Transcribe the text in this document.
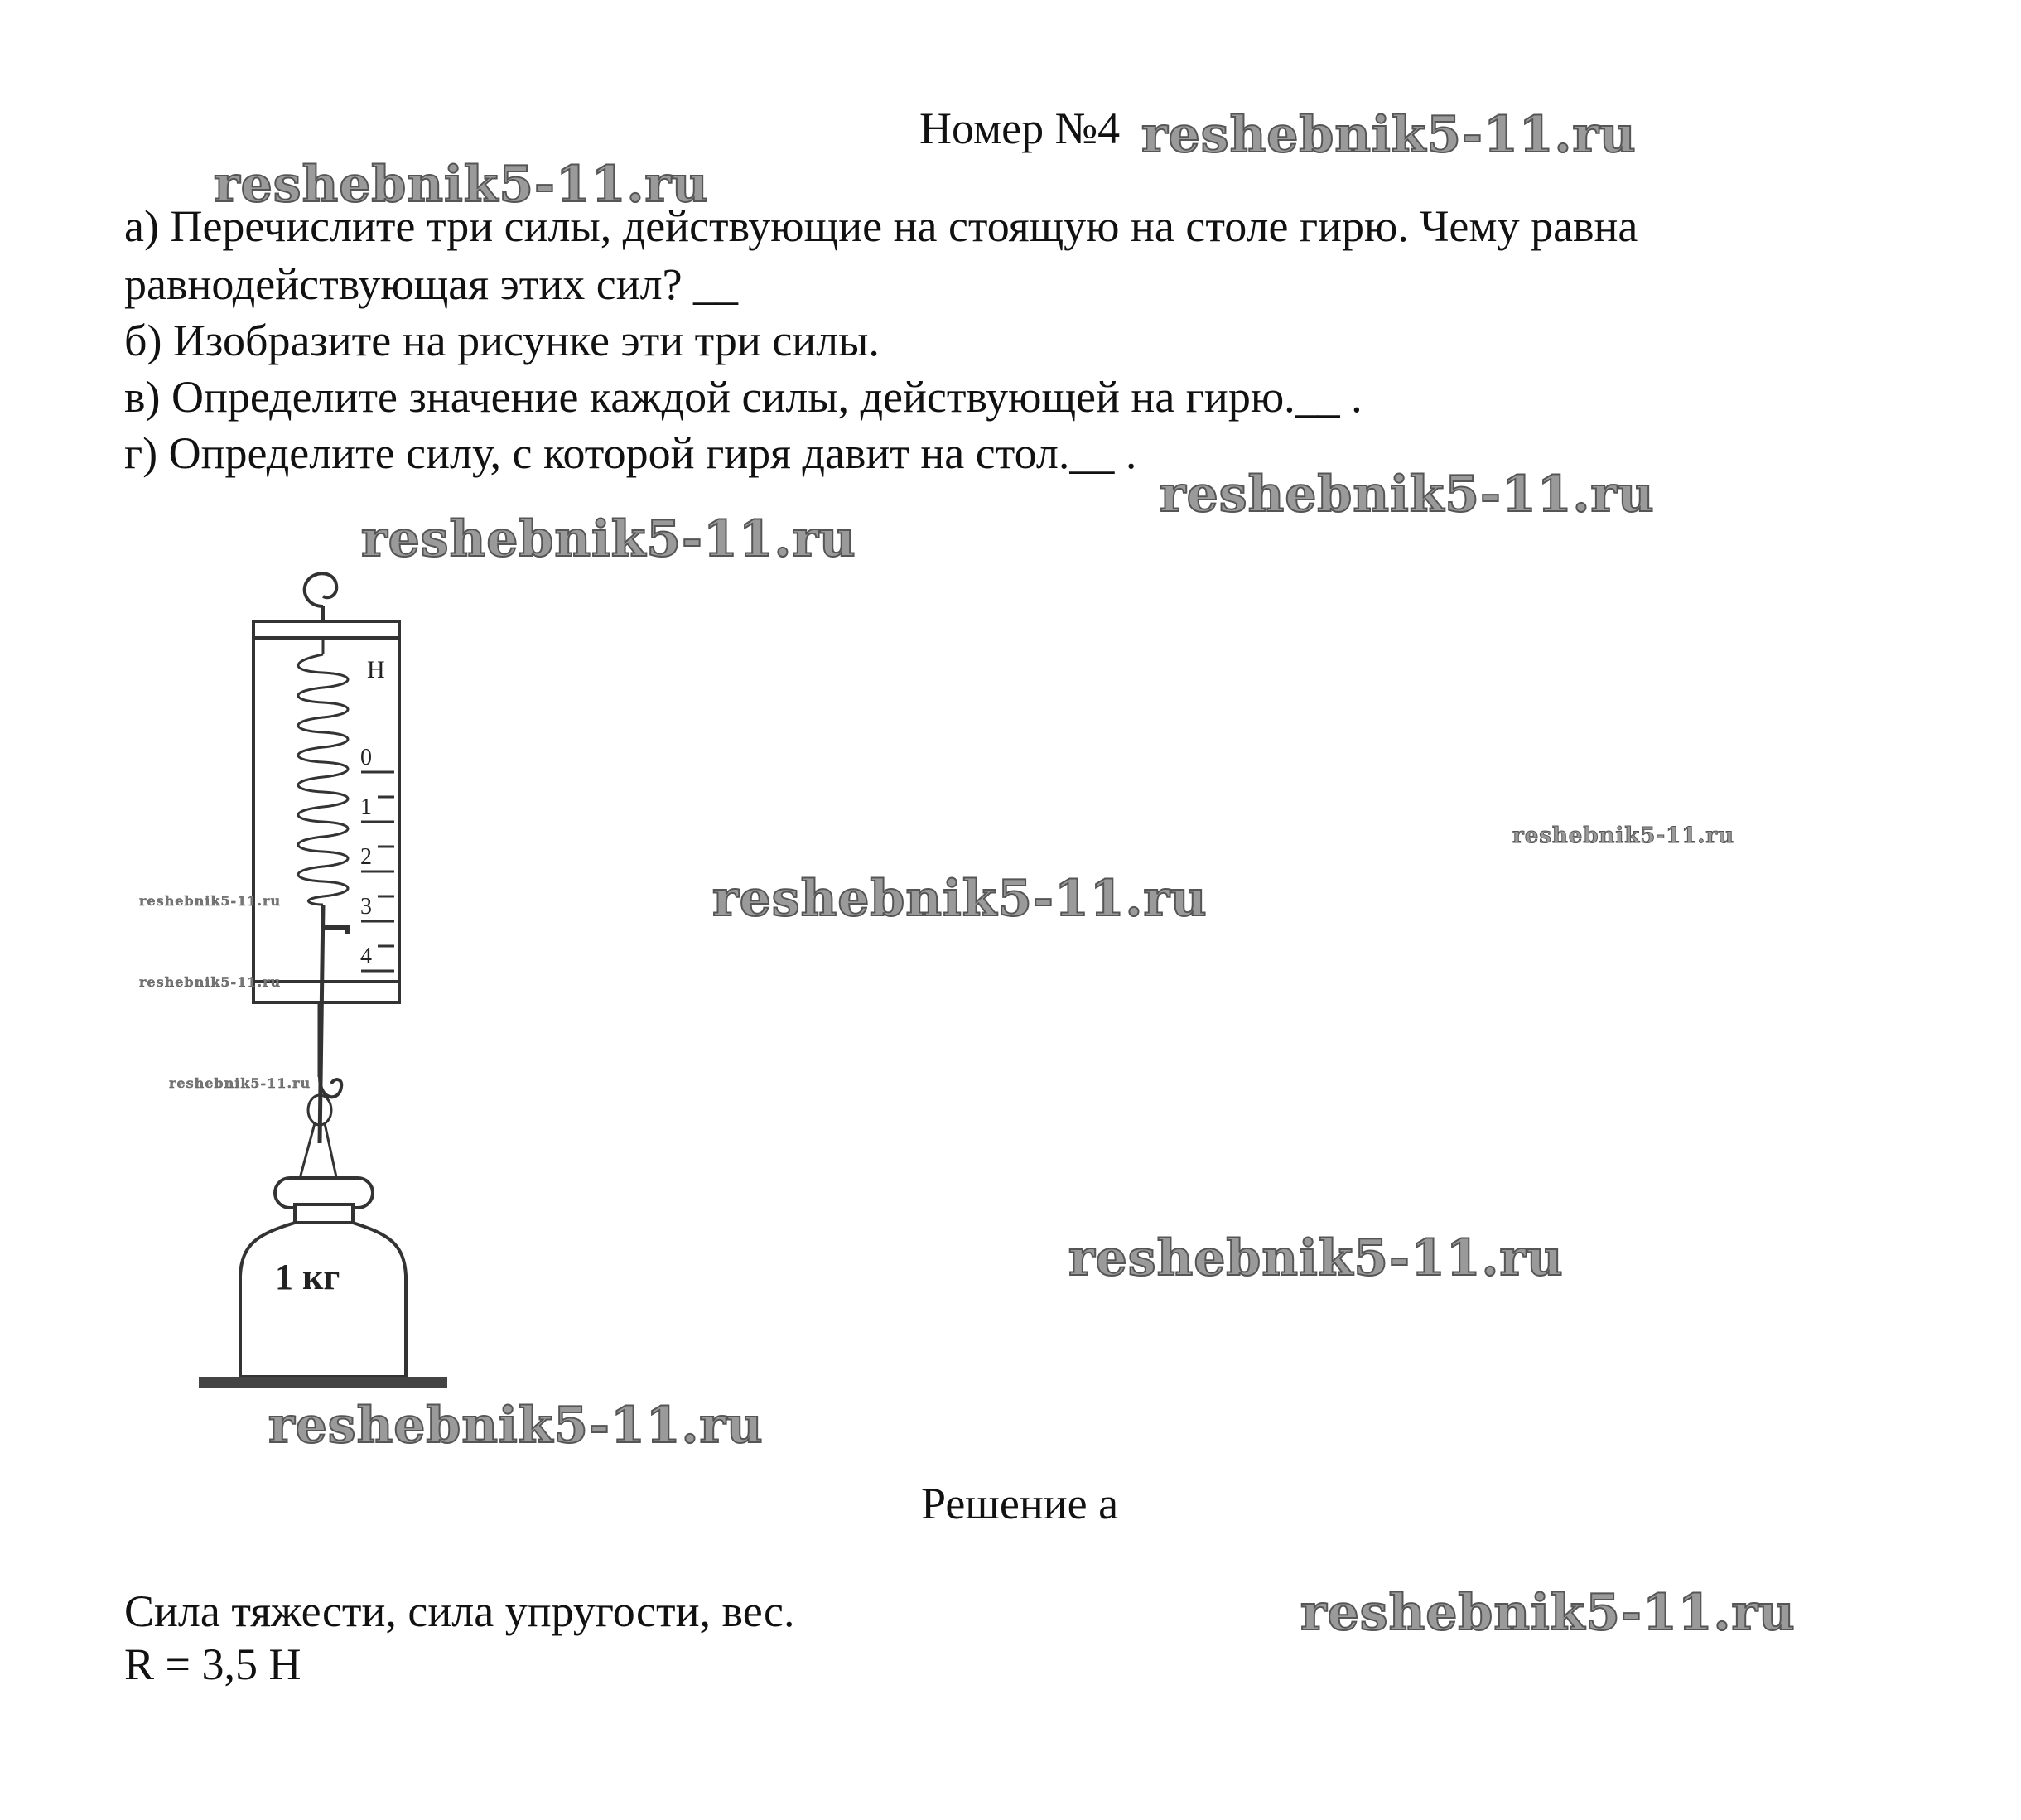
Номер №4
а) Перечислите три силы, действующие на стоящую на столе гирю. Чему равна
равнодействующая этих сил? __
б) Изобразите на рисунке эти три силы.
в) Определите значение каждой силы, действующей на гирю.__ .
г) Определите силу, с которой гиря давит на стол.__ .
Н
0
1
2
3
4
1 кг
Решение а
Сила тяжести, сила упругости, вес.
R = 3,5 Н
reshebnik5-11.ru
reshebnik5-11.ru
reshebnik5-11.ru
reshebnik5-11.ru
reshebnik5-11.ru
reshebnik5-11.ru
reshebnik5-11.ru
reshebnik5-11.ru
reshebnik5-11.ru
reshebnik5-11.ru
reshebnik5-11.ru
reshebnik5-11.ru
